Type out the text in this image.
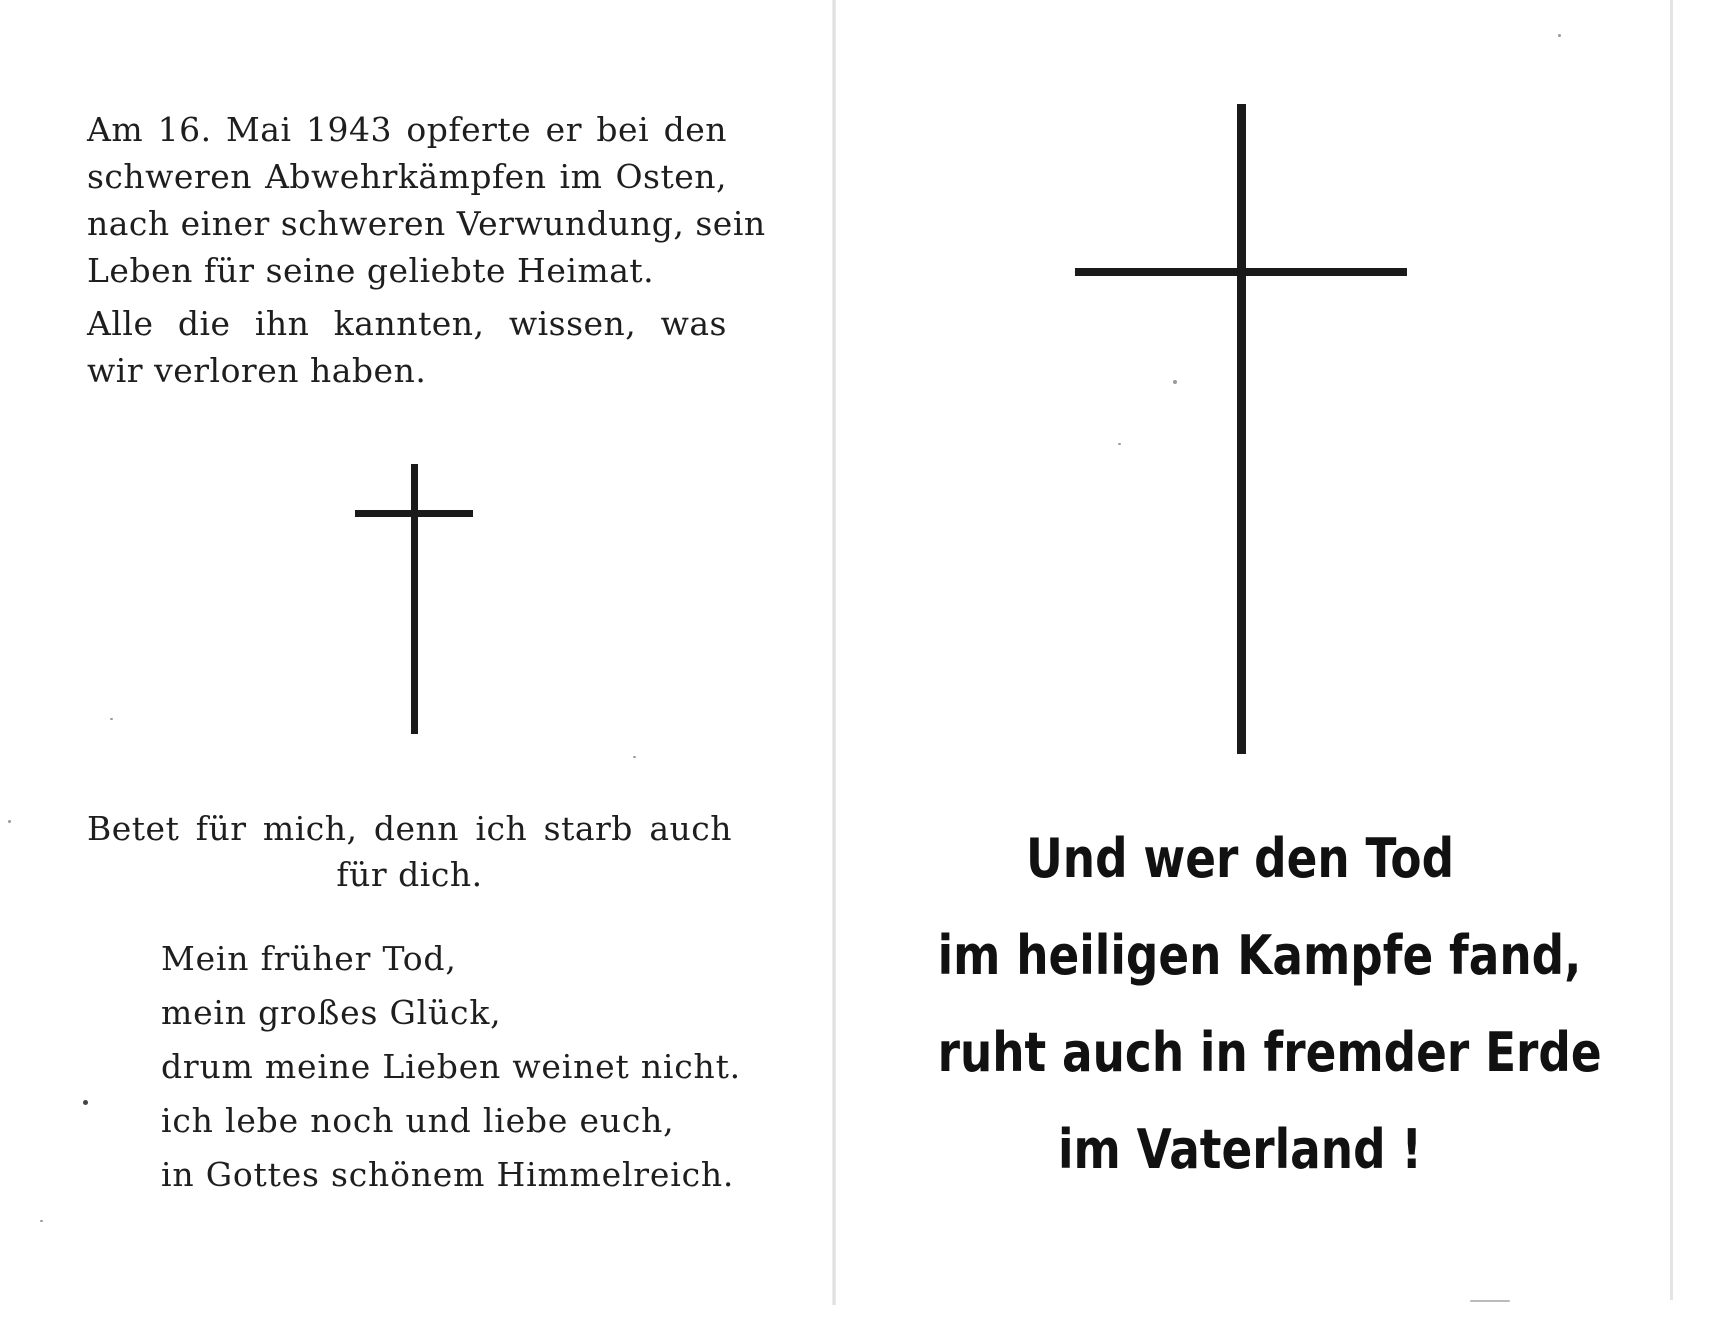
Am 16. Mai 1943 opferte er bei den
schweren Abwehrkämpfen im Osten,
nach einer schweren Verwundung, sein
Leben für seine geliebte Heimat.

Alle die ihn kannten, wissen, was
wir verloren haben.

Betet für mich, denn ich starb auch
für dich.

Mein früher Tod,
mein großes Glück,
drum meine Lieben weinet nicht.
ich lebe noch und liebe euch,
in Gottes schönem Himmelreich.
Und wer den Tod
im heiligen Kampfe fand,
ruht auch in fremder Erde
im Vaterland !
